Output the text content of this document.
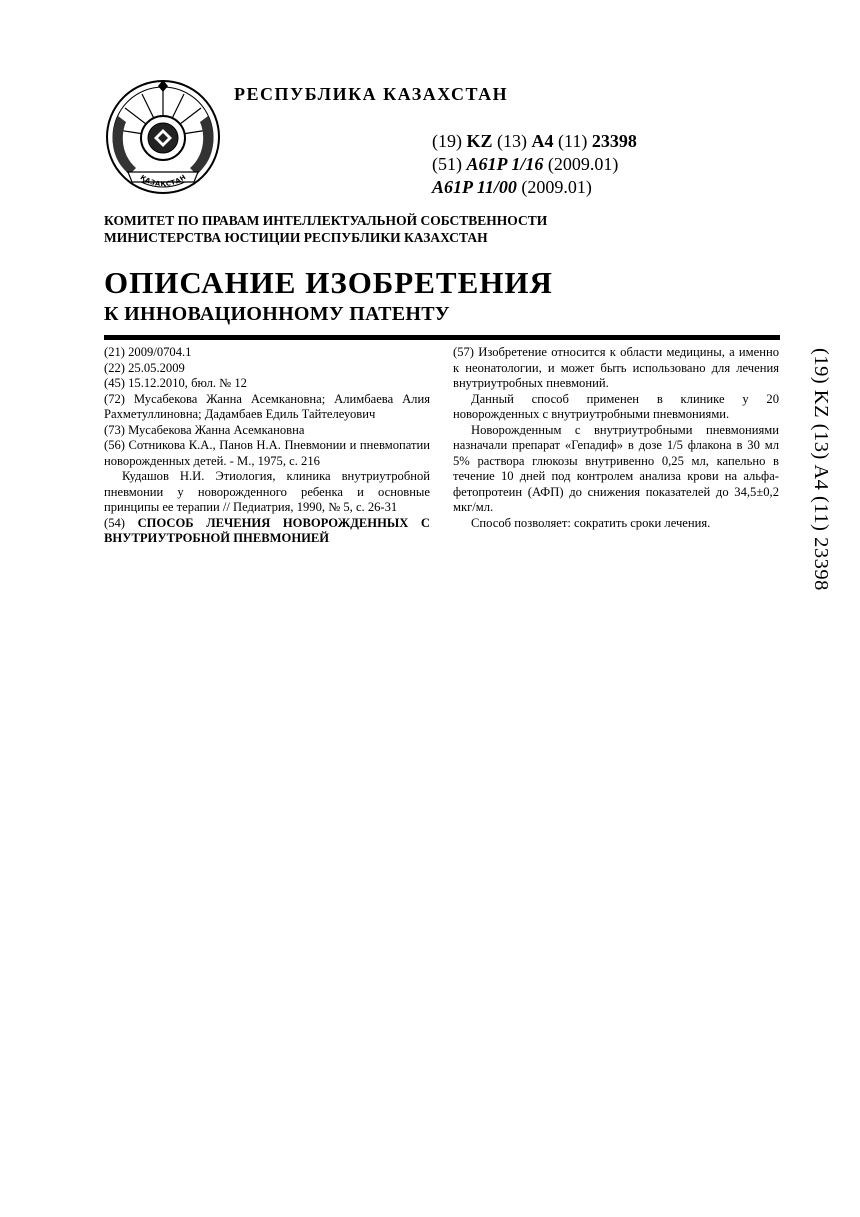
ҚАЗАҚСТАН
РЕСПУБЛИКА КАЗАХСТАН
(19) KZ (13) A4 (11) 23398
(51) A61P 1/16 (2009.01)
A61P 11/00 (2009.01)
КОМИТЕТ ПО ПРАВАМ ИНТЕЛЛЕКТУАЛЬНОЙ СОБСТВЕННОСТИ
МИНИСТЕРСТВА ЮСТИЦИИ РЕСПУБЛИКИ КАЗАХСТАН
ОПИСАНИЕ ИЗОБРЕТЕНИЯ
К ИННОВАЦИОННОМУ ПАТЕНТУ

(21) 2009/0704.1

(22) 25.05.2009

(45) 15.12.2010, бюл. № 12

(72) Мусабекова Жанна Асемкановна; Алимбаева Алия Рахметуллиновна; Дадамбаев Едиль Тайтелеуович

(73) Мусабекова Жанна Асемкановна

(56) Сотникова К.А., Панов Н.А. Пневмонии и пневмопатии новорожденных детей. - М., 1975, с. 216

Кудашов Н.И. Этиология, клиника внутриутробной пневмонии у новорожденного ребенка и основные принципы ее терапии // Педиатрия, 1990, № 5, с. 26-31

(54) СПОСОБ ЛЕЧЕНИЯ НОВОРОЖДЕННЫХ С ВНУТРИУТРОБНОЙ ПНЕВМОНИЕЙ

(57) Изобретение относится к области медицины, а именно к неонатологии, и может быть использовано для лечения внутриутробных пневмоний.

Данный способ применен в клинике у 20 новорожденных с внутриутробными пневмониями.

Новорожденным с внутриутробными пневмониями назначали препарат «Гепадиф» в дозе 1/5 флакона в 30 мл 5% раствора глюкозы внутривенно 0,25 мл, капельно в течение 10 дней под контролем анализа крови на альфа-фетопротеин (АФП) до снижения показателей до 34,5±0,2 мкг/мл.

Способ позволяет: сократить сроки лечения.	(19) KZ (13) A4 (11) 23398
